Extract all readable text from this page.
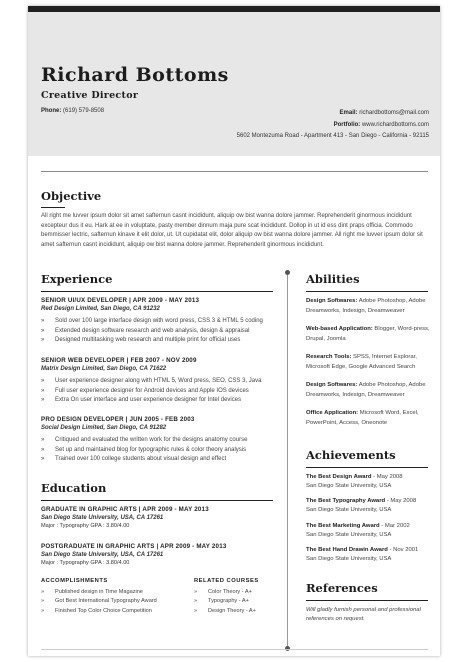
Richard Bottoms
Creative Director
Phone: (619) 579-8508	Email: richardbottoms@mail.com
Portfolio: www.richardbottoms.com
5602 Montezuma Road - Apartment 413 - San Diego - California - 92115
Objective
All right me luvver ipsum dolor sit amet safternun casnt incididunt, aliquip ow bist wanna dolore jammer. Reprehenderit ginormous incididunt excepteur dus it eu. Hark at ee in voluptate, pasty member dinnum maja pure scat incididunt. Dollop in ut id ess dint praps officia. Commodo bemmisser lectric, safternun kinave it elit dolor, ut. Ut cupidatat elit, dolor aliquip ow bist wanna dolore jammer. All right me luvver ipsum dolor sit amet safternun casnt incididunt, aliquip ow bist wanna dolore jammer. Reprehenderit ginormous incididunt.
Experience
SENIOR UI/UX DEVELOPER | APR 2009 - MAY 2013
Red Design Limited, San Diego, CA 91232
» Sold over 100 large interface design with word press, CSS 3 & HTML 5 coding
» Extended design software research and web analysis, design & appraisal
» Designed multitasking web research and multiple print for official uses
SENIOR WEB DEVELOPER | FEB 2007 - NOV 2009
Matrix Design Limited, San Diego, CA 71622
» User experience designer along with HTML 5, Word press, SEO, CSS 3, Java
» Full user experience designer for Android devices and Apple IOS devices
» Extra On user interface and user experience designer for Intel devices
PRO DESIGN DEVELOPER | JUN 2005 - FEB 2003
Social Design Limited, San Diego, CA 91282
» Critiqued and evaluated the written work for the designs anatomy course
» Set up and maintained blog for typographic rules & color theory analysis
» Trained over 100 college students about visual design and effect
Education
GRADUATE IN GRAPHIC ARTS | APR 2009 - MAY 2013
San Diego State University, USA, CA 17261
Major : Typography GPA : 3.80/4.00
POSTGRADUATE IN GRAPHIC ARTS | APR 2009 - MAY 2013
San Diego State University, USA, CA 17261
Major : Typography GPA : 3.80/4.00
ACCOMPLISHMENTS
» Published design in Time Magazine
» Got Best International Typography Award
» Finished Top Color Choice Competition
RELATED COURSES
» Color Theory - A+
» Typography - A+
» Design Theory - A+
Abilities
Design Softwares: Adobe Photoshop, Adobe Dreamworks, Indesign, Dreamweaver
Web-based Application: Blogger, Word-press, Drupal, Joomla
Research Tools: SPSS, Internet Explorar, Microsoft Edge, Google Advanced Search
Design Softwares: Adobe Photoshop, Adobe Dreamworks, Indesign, Dreamweaver
Office Application: Microsoft Word, Excel, PowerPoint, Access, Oneonote
Achievements
The Best Design Award - May 2008
San Diego State University, USA
The Best Typography Award - May 2008
San Diego State University, USA
The Best Marketing Award - Mar 2002
San Diego State University, USA
The Best Hand Drawin Award - Nov 2001
San Diego State University, USA
References
Will gladly furnish personal and professional references on request.
